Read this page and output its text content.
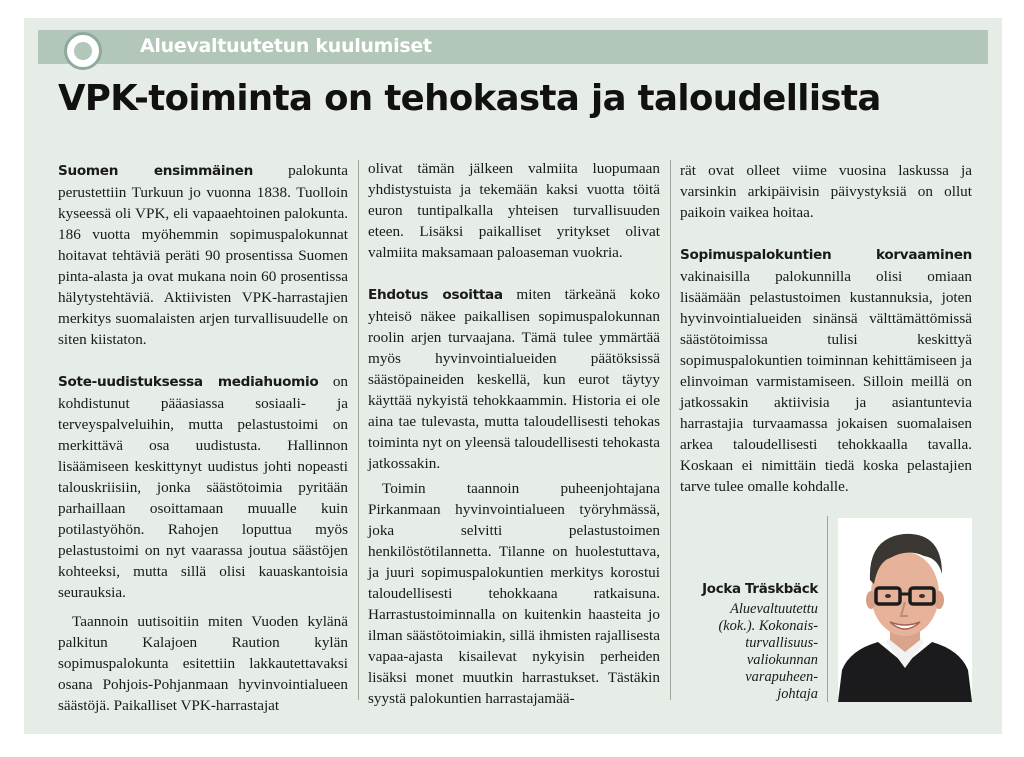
Aluevaltuutetun kuulumiset
VPK-toiminta on tehokasta ja taloudellista

Suomen ensimmäinen palokunta perustettiin Turkuun jo vuonna 1838. Tuolloin kyseessä oli VPK, eli vapaaehtoinen palokunta. 186 vuotta myöhemmin sopimuspalokunnat hoitavat tehtäviä peräti 90 prosentissa Suomen pinta-alasta ja ovat mukana noin 60 prosentissa hälytystehtäviä. Aktiivisten VPK-harrastajien merkitys suomalaisten arjen turvallisuudelle on siten kiistaton.

Sote-uudistuksessa mediahuomio on kohdistunut pääasiassa sosiaali- ja terveyspalveluihin, mutta pelastustoimi on merkittävä osa uudistusta. Hallinnon lisäämiseen keskittynyt uudistus johti nopeasti talouskriisiin, jonka säästötoimia pyritään parhaillaan osoittamaan muualle kuin potilastyöhön. Rahojen loputtua myös pelastustoimi on nyt vaarassa joutua säästöjen kohteeksi, mutta sillä olisi kauaskantoisia seurauksia.

Taannoin uutisoitiin miten Vuoden kylänä palkitun Kalajoen Raution kylän sopimuspalokunta esitettiin lakkautettavaksi osana Pohjois-Pohjanmaan hyvinvointialueen säästöjä. Paikalliset VPK-harrastajat

olivat tämän jälkeen valmiita luopumaan yhdistystuista ja tekemään kaksi vuotta töitä euron tuntipalkalla yhteisen turvallisuuden eteen. Lisäksi paikalliset yritykset olivat valmiita maksamaan paloaseman vuokria.

Ehdotus osoittaa miten tärkeänä koko yhteisö näkee paikallisen sopimuspalokunnan roolin arjen turvaajana. Tämä tulee ymmärtää myös hyvinvointialueiden päätöksissä säästöpaineiden keskellä, kun eurot täytyy käyttää nykyistä tehokkaammin. Historia ei ole aina tae tulevasta, mutta taloudellisesti tehokas toiminta nyt on yleensä taloudellisesti tehokasta jatkossakin.

Toimin taannoin puheenjohtajana Pirkanmaan hyvinvointialueen työryhmässä, joka selvitti pelastustoimen henkilöstötilannetta. Tilanne on huolestuttava, ja juuri sopimuspalokuntien merkitys korostui taloudellisesti tehokkaana ratkaisuna. Harrastustoiminnalla on kuitenkin haasteita jo ilman säästötoimiakin, sillä ihmisten rajallisesta vapaa-ajasta kisailevat nykyisin perheiden lisäksi monet muutkin harrastukset. Tästäkin syystä palokuntien harrastajamää-

rät ovat olleet viime vuosina laskussa ja varsinkin arkipäivisin päivystyksiä on ollut paikoin vaikea hoitaa.

Sopimuspalokuntien korvaaminen vakinaisilla palokunnilla olisi omiaan lisäämään pelastustoimen kustannuksia, joten hyvinvointialueiden sinänsä välttämättömissä säästötoimissa tulisi keskittyä sopimuspalokuntien toiminnan kehittämiseen ja elinvoiman varmistamiseen. Silloin meillä on jatkossakin aktiivisia ja asiantuntevia harrastajia turvaamassa jokaisen suomalaisen arkea taloudellisesti tehokkaalla tavalla. Koskaan ei nimittäin tiedä koska pelastajien tarve tulee omalle kohdalle.

Jocka Träskbäck
Aluevaltuutettu
(kok.). Kokonais-
turvallisuus-
valiokunnan
varapuheen-
johtaja
